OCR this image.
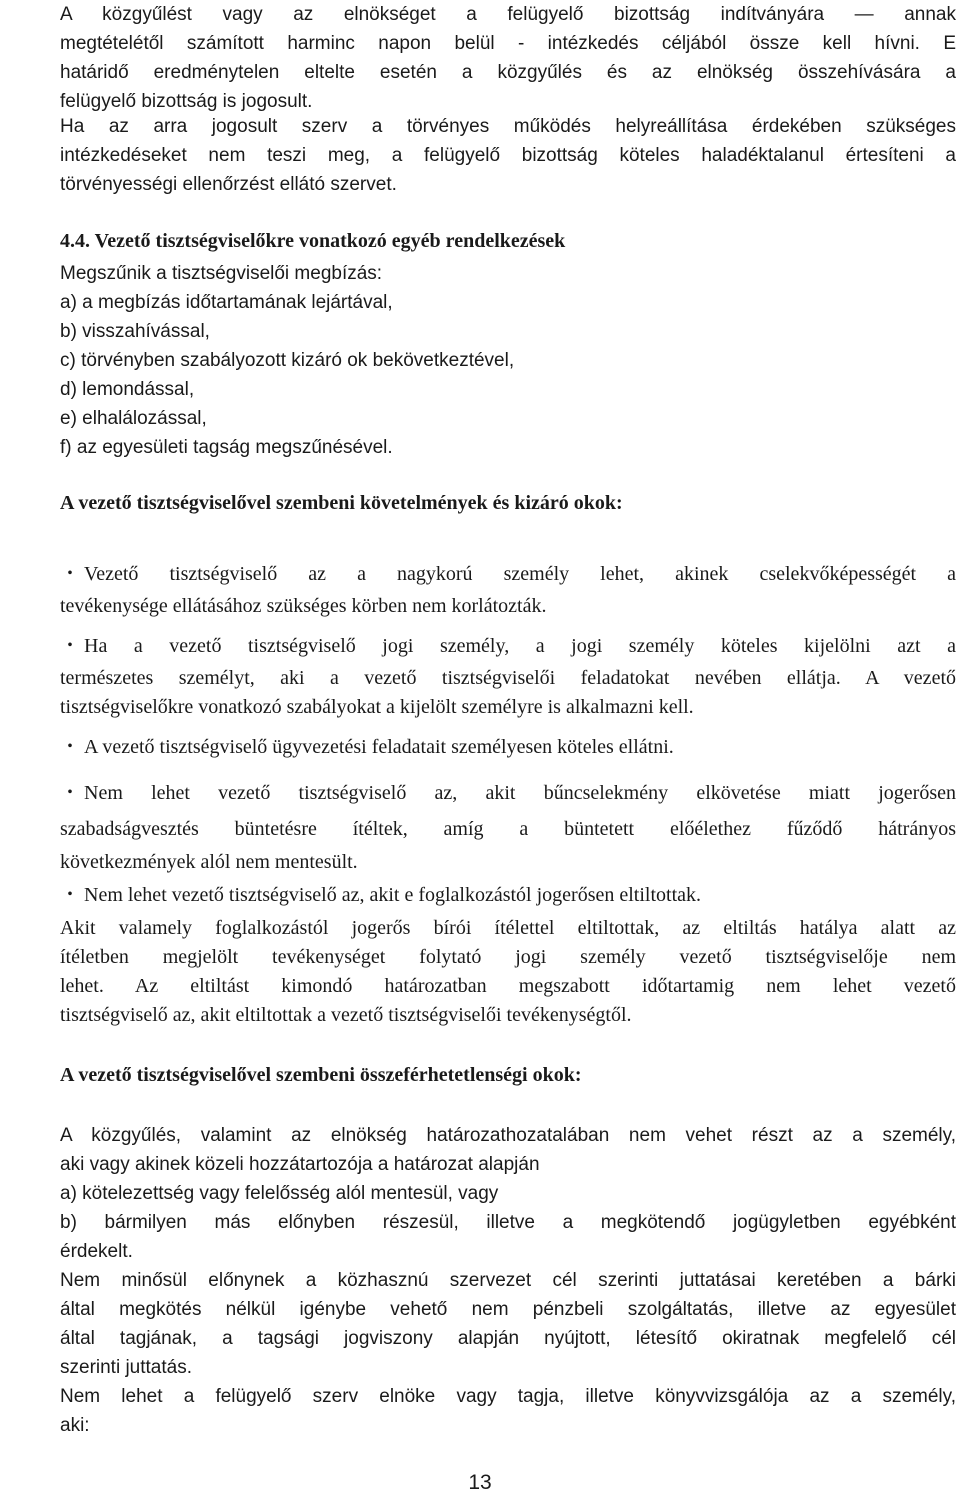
A közgyűlést vagy az elnökséget a felügyelő bizottság indítványára — annak
megtételétől számított harminc napon belül - intézkedés céljából össze kell hívni. E
határidő eredménytelen eltelte esetén a közgyűlés és az elnökség összehívására a
felügyelő bizottság is jogosult.
Ha az arra jogosult szerv a törvényes működés helyreállítása érdekében szükséges
intézkedéseket nem teszi meg, a felügyelő bizottság köteles haladéktalanul értesíteni a
törvényességi ellenőrzést ellátó szervet.
4.4. Vezető tisztségviselőkre vonatkozó egyéb rendelkezések
Megszűnik a tisztségviselői megbízás:
a) a megbízás időtartamának lejártával,
b) visszahívással,
c) törvényben szabályozott kizáró ok bekövetkeztével,
d) lemondással,
e) elhalálozással,
f) az egyesületi tagság megszűnésével.
A vezető tisztségviselővel szembeni követelmények és kizáró okok:
・ Vezető tisztségviselő az a nagykorú személy lehet, akinek cselekvőképességét a
tevékenysége ellátásához szükséges körben nem korlátozták.
・ Ha a vezető tisztségviselő jogi személy, a jogi személy köteles kijelölni azt a
természetes személyt, aki a vezető tisztségviselői feladatokat nevében ellátja. A vezető
tisztségviselőkre vonatkozó szabályokat a kijelölt személyre is alkalmazni kell.
・ A vezető tisztségviselő ügyvezetési feladatait személyesen köteles ellátni.
・ Nem lehet vezető tisztségviselő az, akit bűncselekmény elkövetése miatt jogerősen
szabadságvesztés büntetésre ítéltek, amíg a büntetett előélethez fűződő hátrányos
következmények alól nem mentesült.
・ Nem lehet vezető tisztségviselő az, akit e foglalkozástól jogerősen eltiltottak.
Akit valamely foglalkozástól jogerős bírói ítélettel eltiltottak, az eltiltás hatálya alatt az
ítéletben megjelölt tevékenységet folytató jogi személy vezető tisztségviselője nem
lehet. Az eltiltást kimondó határozatban megszabott időtartamig nem lehet vezető
tisztségviselő az, akit eltiltottak a vezető tisztségviselői tevékenységtől.
A vezető tisztségviselővel szembeni összeférhetetlenségi okok:
A közgyűlés, valamint az elnökség határozathozatalában nem vehet részt az a személy,
aki vagy akinek közeli hozzátartozója a határozat alapján
a) kötelezettség vagy felelősség alól mentesül, vagy
b) bármilyen más előnyben részesül, illetve a megkötendő jogügyletben egyébként
érdekelt.
Nem minősül előnynek a közhasznú szervezet cél szerinti juttatásai keretében a bárki
által megkötés nélkül igénybe vehető nem pénzbeli szolgáltatás, illetve az egyesület
által tagjának, a tagsági jogviszony alapján nyújtott, létesítő okiratnak megfelelő cél
szerinti juttatás.
Nem lehet a felügyelő szerv elnöke vagy tagja, illetve könyvvizsgálója az a személy,
aki:
13
